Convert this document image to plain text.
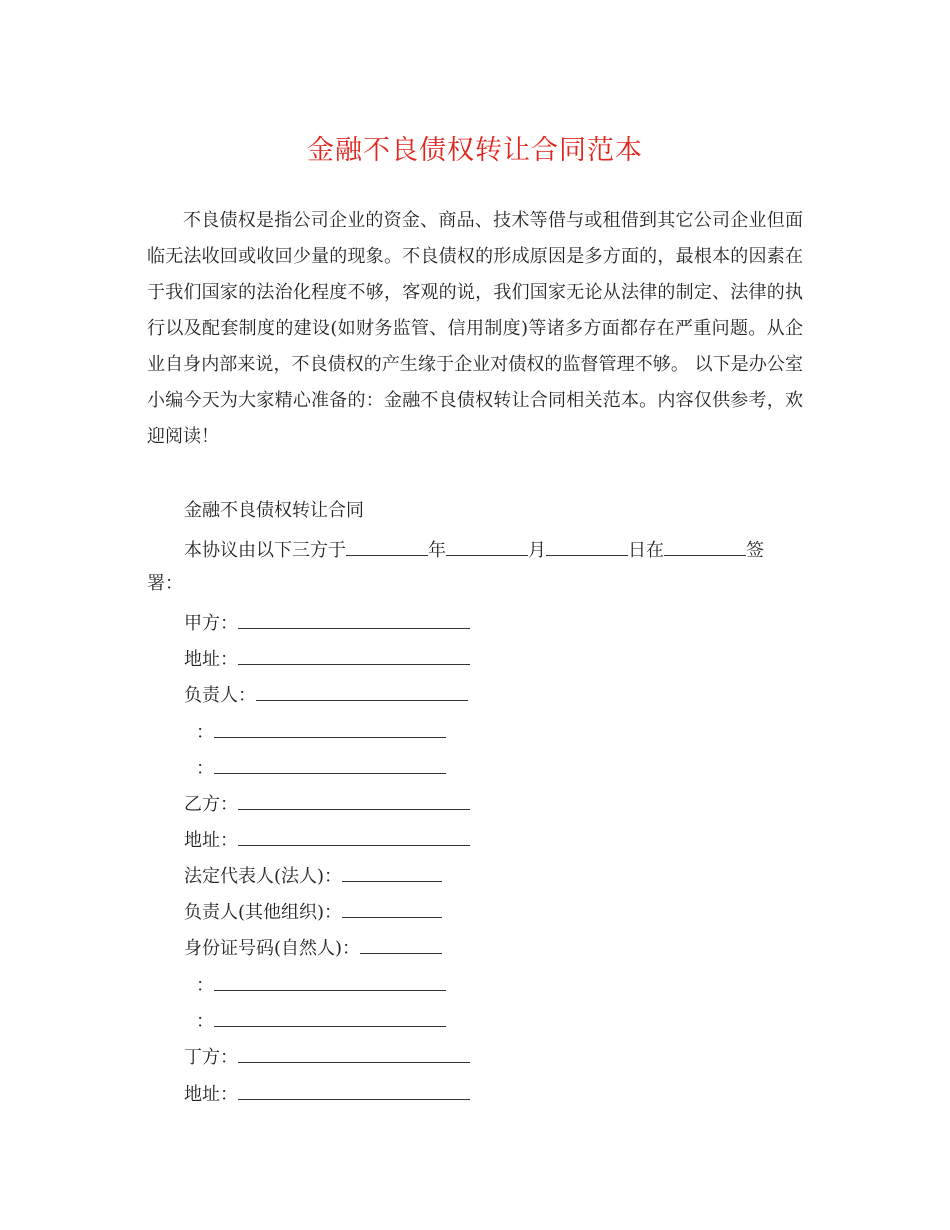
金融不良债权转让合同范本

不良债权是指公司企业的资金、商品、技术等借与或租借到其它公司企业但面临无法收回或收回少量的现象。不良债权的形成原因是多方面的，最根本的因素在于我们国家的法治化程度不够，客观的说，我们国家无论从法律的制定、法律的执行以及配套制度的建设(如财务监管、信用制度)等诸多方面都存在严重问题。从企业自身内部来说，不良债权的产生缘于企业对债权的监督管理不够。 以下是办公室小编今天为大家精心准备的：金融不良债权转让合同相关范本。内容仅供参考，欢迎阅读！

金融不良债权转让合同
本协议由以下三方于	年	月	日在	签
署：
甲方：
地址：
负责人：
：
：
乙方：
地址：
法定代表人(法人)：
负责人(其他组织)：
身份证号码(自然人)：
：
：
丁方：
地址：
